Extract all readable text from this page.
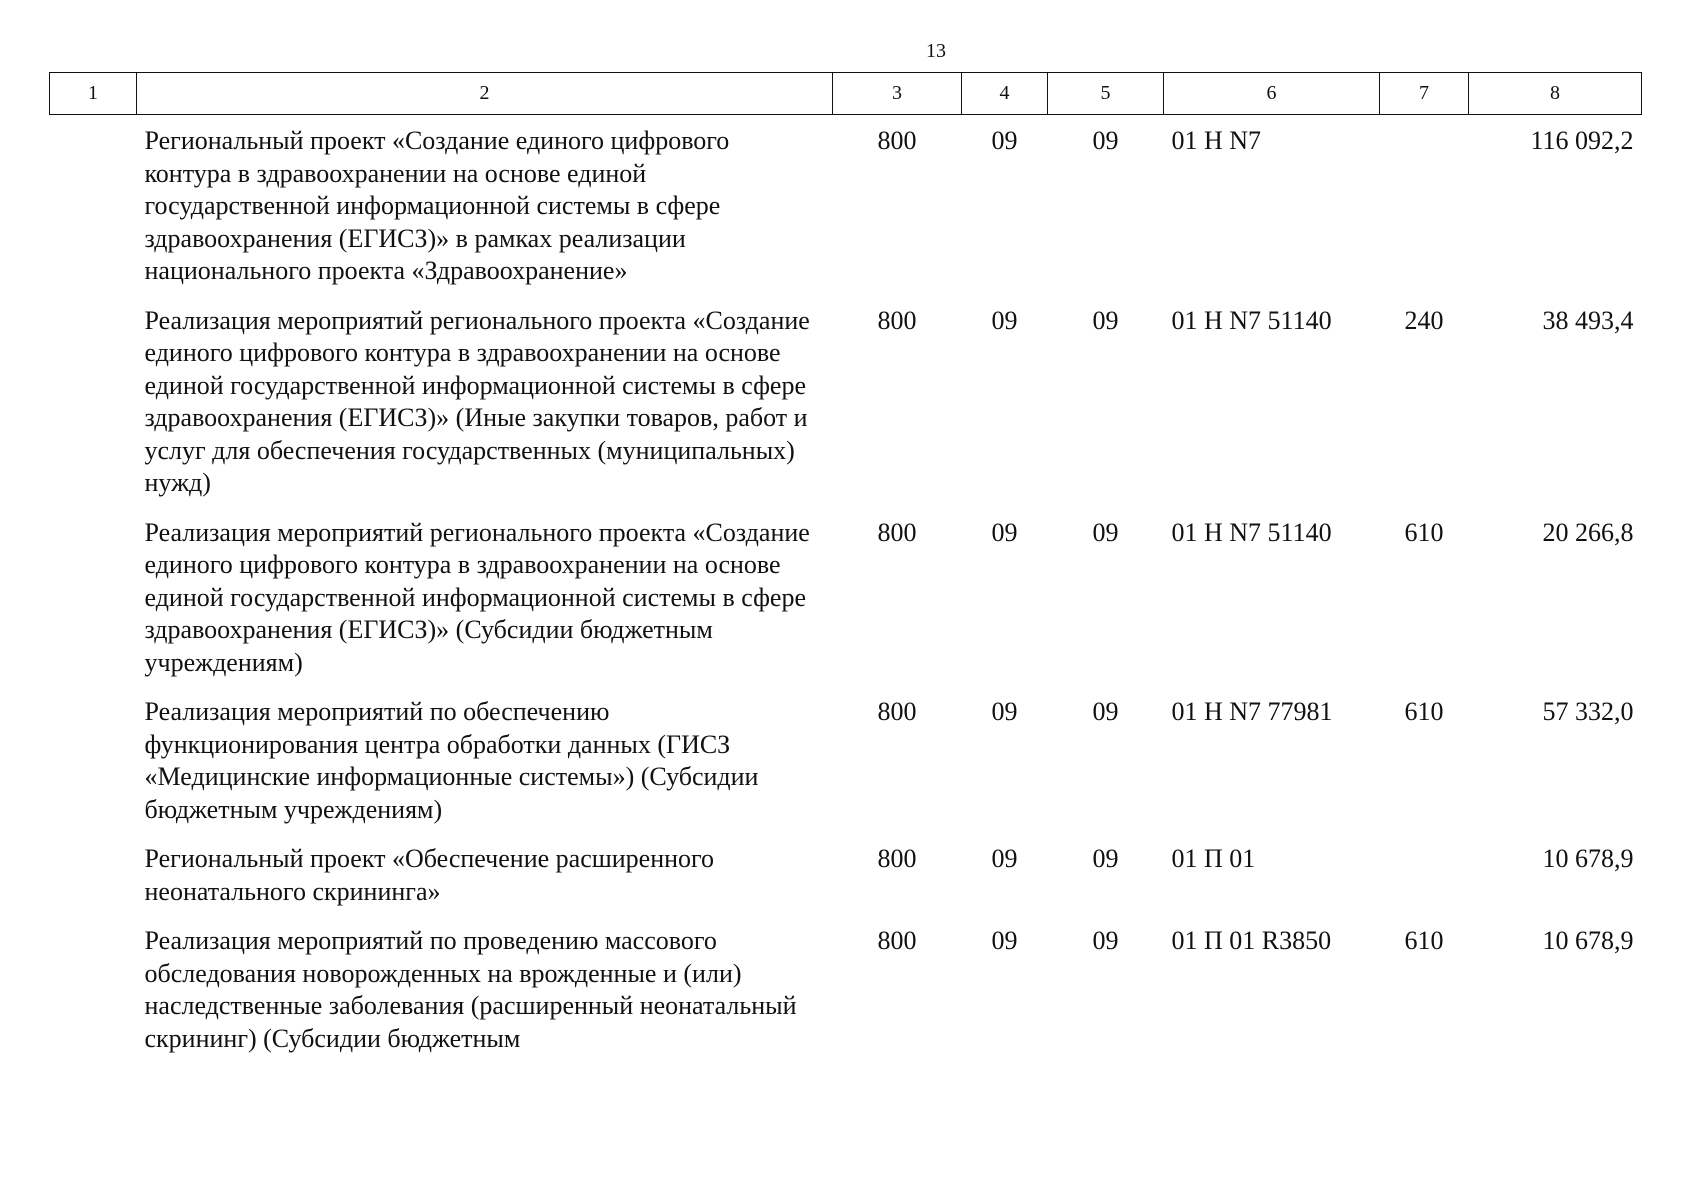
13
1	2	3	4	5	6	7	8
	Региональный проект «Создание единого цифрового контура в здравоохранении на основе единой государственной информационной системы в сфере здравоохранения (ЕГИСЗ)» в рамках реализации национального проекта «Здравоохранение»	800	09	09	01 Н N7		116 092,2
	Реализация мероприятий регионального проекта «Создание единого цифрового контура в здравоохранении на основе единой государственной информационной системы в сфере здравоохранения (ЕГИСЗ)» (Иные закупки товаров, работ и услуг для обеспечения государственных (муниципальных) нужд)	800	09	09	01 Н N7 51140	240	38 493,4
	Реализация мероприятий регионального проекта «Создание единого цифрового контура в здравоохранении на основе единой государственной информационной системы в сфере здравоохранения (ЕГИСЗ)» (Субсидии бюджетным учреждениям)	800	09	09	01 Н N7 51140	610	20 266,8
	Реализация мероприятий по обеспечению функционирования центра обработки данных (ГИСЗ «Медицинские информационные системы») (Субсидии бюджетным учреждениям)	800	09	09	01 Н N7 77981	610	57 332,0
	Региональный проект «Обеспечение расширенного неонатального скрининга»	800	09	09	01 П 01		10 678,9
	Реализация мероприятий по проведению массового обследования новорожденных на врожденные и (или) наследственные заболевания (расширенный неонатальный скрининг) (Субсидии бюджетным	800	09	09	01 П 01 R3850	610	10 678,9
